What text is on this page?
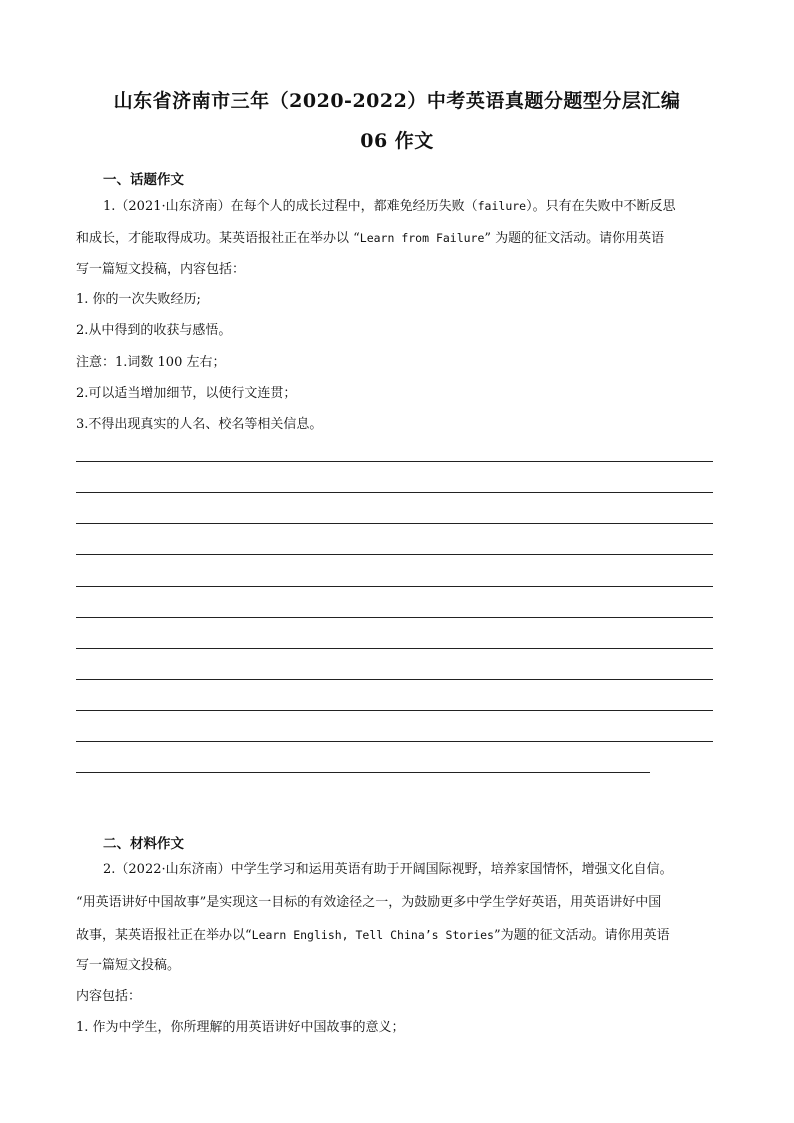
山东省济南市三年（2020-2022）中考英语真题分题型分层汇编
06 作文
一、话题作文
1.（2021·山东济南）在每个人的成长过程中，都难免经历失败（failure）。只有在失败中不断反思
和成长，才能取得成功。某英语报社正在举办以 “Learn from Failure” 为题的征文活动。请你用英语
写一篇短文投稿，内容包括：
1. 你的一次失败经历;
2.从中得到的收获与感悟。
注意：1.词数 100 左右；
2.可以适当增加细节，以使行文连贯；
3.不得出现真实的人名、校名等相关信息。
二、材料作文
2.（2022·山东济南）中学生学习和运用英语有助于开阔国际视野，培养家国情怀，增强文化自信。
“用英语讲好中国故事”是实现这一目标的有效途径之一，为鼓励更多中学生学好英语，用英语讲好中国
故事，某英语报社正在举办以“Learn English, Tell China’s Stories”为题的征文活动。请你用英语
写一篇短文投稿。
内容包括：
1. 作为中学生，你所理解的用英语讲好中国故事的意义；
